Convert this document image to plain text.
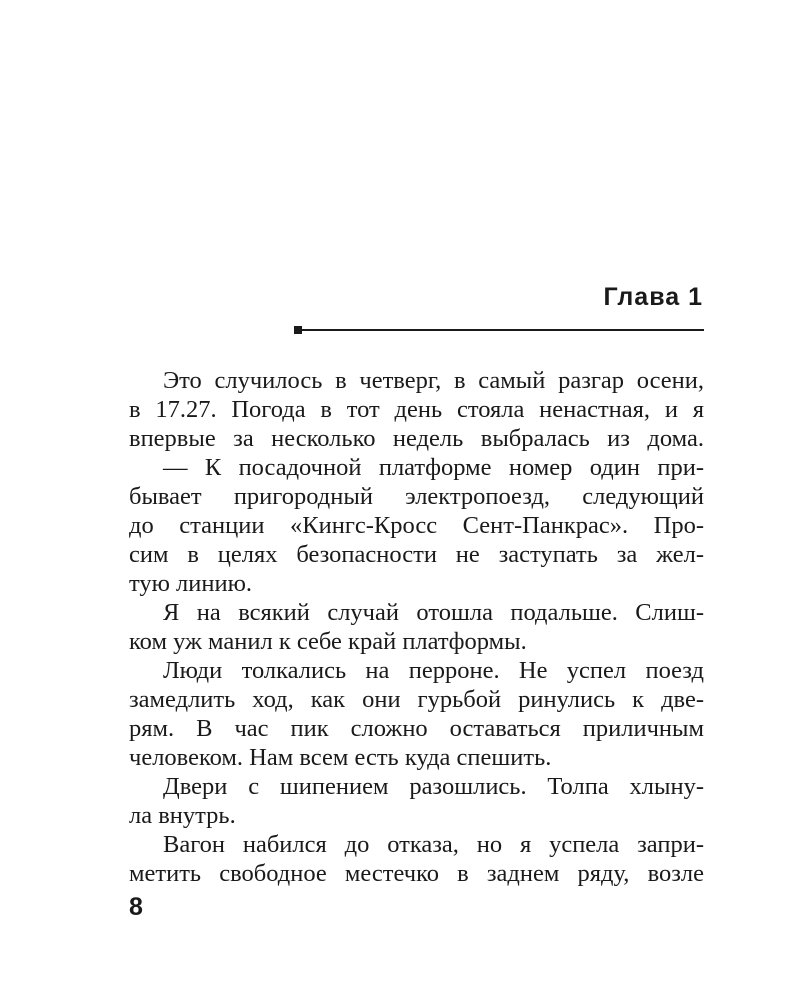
Глава 1

Это случилось в четверг, в самый разгар осени,
в 17.27. Погода в тот день стояла ненастная, и я
впервые за несколько недель выбралась из дома.

— К посадочной платформе номер один при-
бывает пригородный электропоезд, следующий
до станции «Кингс-Кросс Сент-Панкрас». Про-
сим в целях безопасности не заступать за жел-
тую линию.

Я на всякий случай отошла подальше. Слиш-
ком уж манил к себе край платформы.

Люди толкались на перроне. Не успел поезд
замедлить ход, как они гурьбой ринулись к две-
рям. В час пик сложно оставаться приличным
человеком. Нам всем есть куда спешить.

Двери с шипением разошлись. Толпа хлыну-
ла внутрь.

Вагон набился до отказа, но я успела запри-
метить свободное местечко в заднем ряду, возле

8
